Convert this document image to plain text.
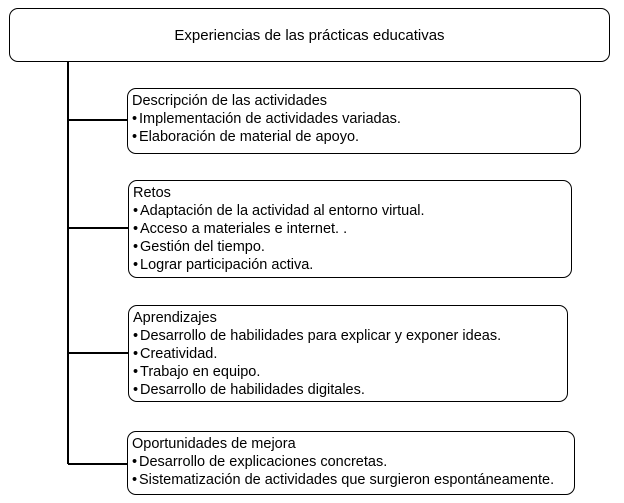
Experiencias de las prácticas educativas

Descripción de las actividades

• Implementación de actividades variadas.
• Elaboración de material de apoyo.

Retos

• Adaptación de la actividad al entorno virtual.
• Acceso a materiales e internet. .
• Gestión del tiempo.
• Lograr participación activa.

Aprendizajes

• Desarrollo de habilidades para explicar y exponer ideas.
• Creatividad.
• Trabajo en equipo.
• Desarrollo de habilidades digitales.

Oportunidades de mejora

• Desarrollo de explicaciones concretas.
• Sistematización de actividades que surgieron espontáneamente.
